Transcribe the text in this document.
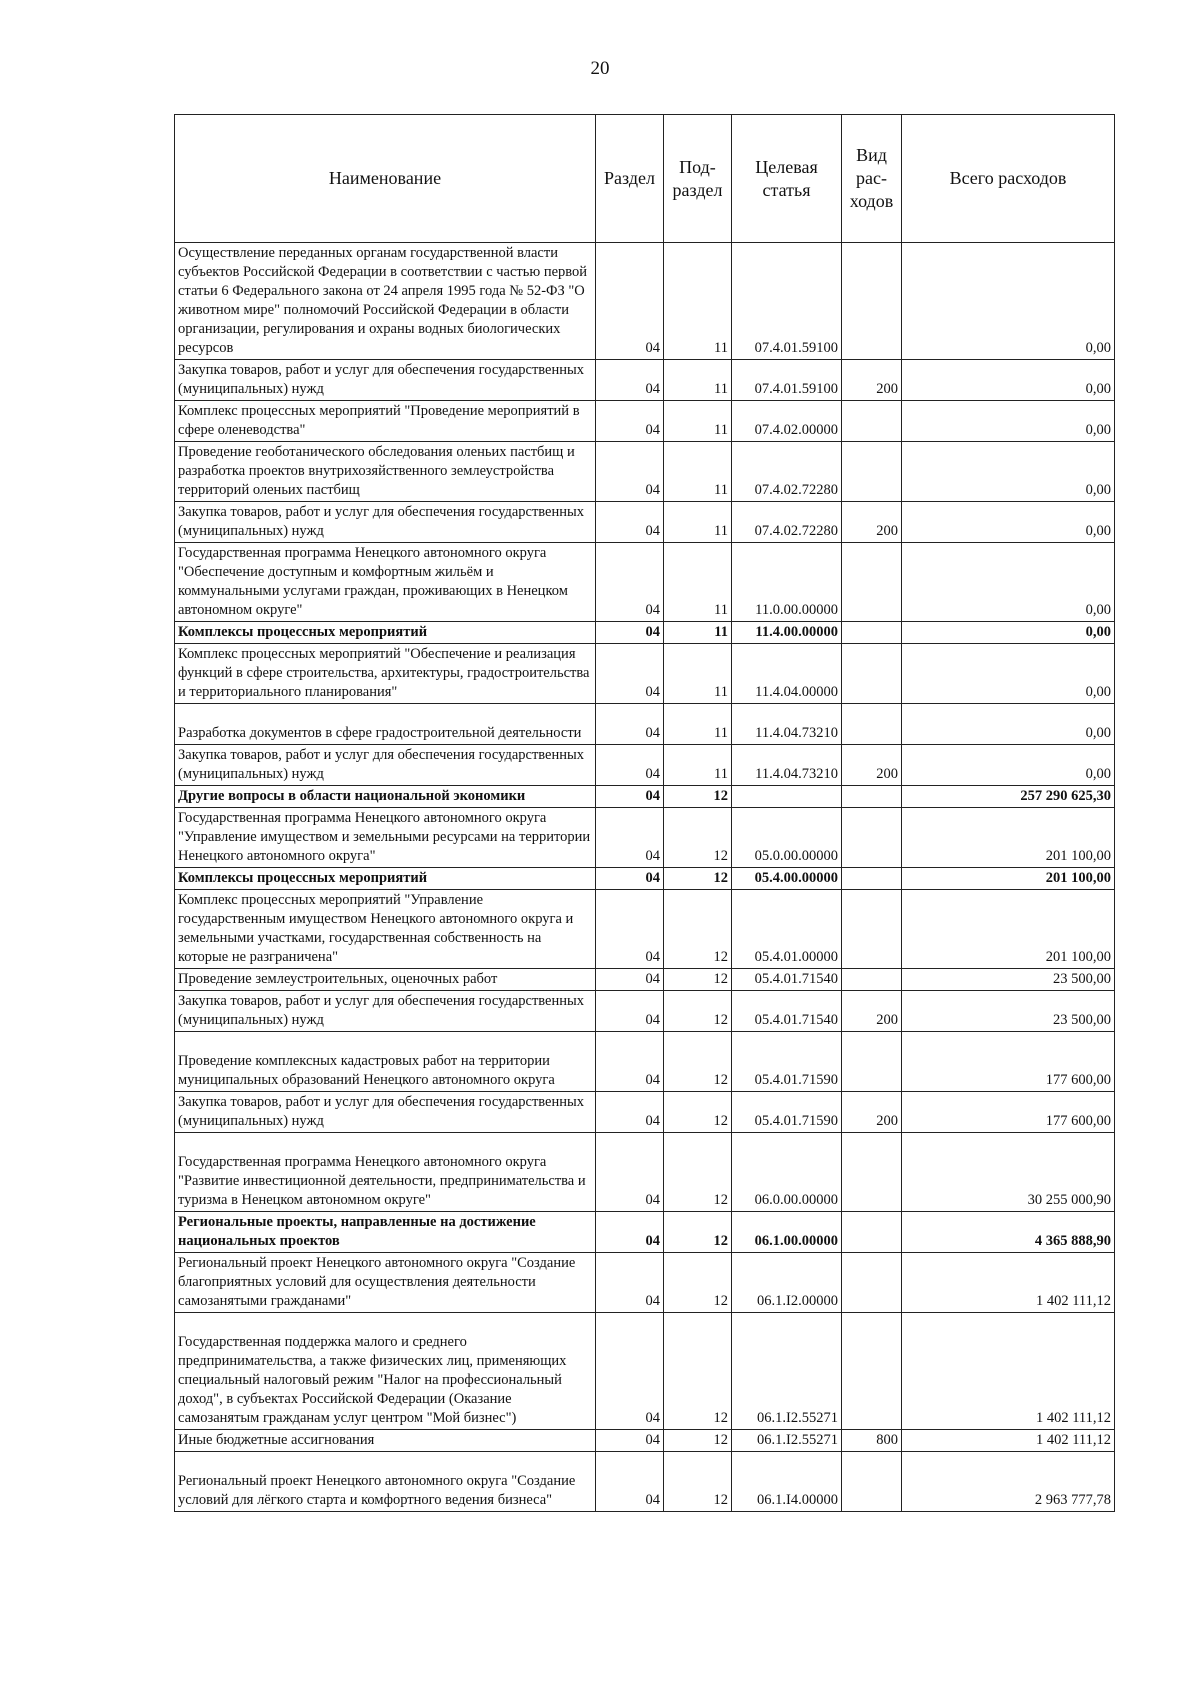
20
Наименование	Раздел	Под-раздел	Целевая статья	Вид рас-ходов	Всего расходов
Осуществление переданных органам государственной власти субъектов Российской Федерации в соответствии с частью первой статьи 6 Федерального закона от 24 апреля 1995 года № 52-ФЗ "О животном мире" полномочий Российской Федерации в области организации, регулирования и охраны водных биологических ресурсов	04	11	07.4.01.59100		0,00
Закупка товаров, работ и услуг для обеспечения государственных (муниципальных) нужд	04	11	07.4.01.59100	200	0,00
Комплекс процессных мероприятий "Проведение мероприятий в сфере оленеводства"	04	11	07.4.02.00000		0,00
Проведение геоботанического обследования оленьих пастбищ и разработка проектов внутрихозяйственного землеустройства территорий оленьих пастбищ	04	11	07.4.02.72280		0,00
Закупка товаров, работ и услуг для обеспечения государственных (муниципальных) нужд	04	11	07.4.02.72280	200	0,00
Государственная программа Ненецкого автономного округа "Обеспечение доступным и комфортным жильём и коммунальными услугами граждан, проживающих в Ненецком автономном округе"	04	11	11.0.00.00000		0,00
Комплексы процессных мероприятий	04	11	11.4.00.00000		0,00
Комплекс процессных мероприятий "Обеспечение и реализация функций в сфере строительства, архитектуры, градостроительства и территориального планирования"	04	11	11.4.04.00000		0,00
Разработка документов в сфере градостроительной деятельности	04	11	11.4.04.73210		0,00
Закупка товаров, работ и услуг для обеспечения государственных (муниципальных) нужд	04	11	11.4.04.73210	200	0,00
Другие вопросы в области национальной экономики	04	12			257 290 625,30
Государственная программа Ненецкого автономного округа "Управление имуществом и земельными ресурсами на территории Ненецкого автономного округа"	04	12	05.0.00.00000		201 100,00
Комплексы процессных мероприятий	04	12	05.4.00.00000		201 100,00
Комплекс процессных мероприятий "Управление государственным имуществом Ненецкого автономного округа и земельными участками, государственная собственность на которые не разграничена"	04	12	05.4.01.00000		201 100,00
Проведение землеустроительных, оценочных работ	04	12	05.4.01.71540		23 500,00
Закупка товаров, работ и услуг для обеспечения государственных (муниципальных) нужд	04	12	05.4.01.71540	200	23 500,00
Проведение комплексных кадастровых работ на территории муниципальных образований Ненецкого автономного округа	04	12	05.4.01.71590		177 600,00
Закупка товаров, работ и услуг для обеспечения государственных (муниципальных) нужд	04	12	05.4.01.71590	200	177 600,00
Государственная программа Ненецкого автономного округа "Развитие инвестиционной деятельности, предпринимательства и туризма в Ненецком автономном округе"	04	12	06.0.00.00000		30 255 000,90
Региональные проекты, направленные на достижение национальных проектов	04	12	06.1.00.00000		4 365 888,90
Региональный проект Ненецкого автономного округа "Создание благоприятных условий для осуществления деятельности самозанятыми гражданами"	04	12	06.1.I2.00000		1 402 111,12
Государственная поддержка малого и среднего предпринимательства, а также физических лиц, применяющих специальный налоговый режим "Налог на профессиональный доход", в субъектах Российской Федерации (Оказание самозанятым гражданам услуг центром "Мой бизнес")	04	12	06.1.I2.55271		1 402 111,12
Иные бюджетные ассигнования	04	12	06.1.I2.55271	800	1 402 111,12
Региональный проект Ненецкого автономного округа "Создание условий для лёгкого старта и комфортного ведения бизнеса"	04	12	06.1.I4.00000		2 963 777,78
